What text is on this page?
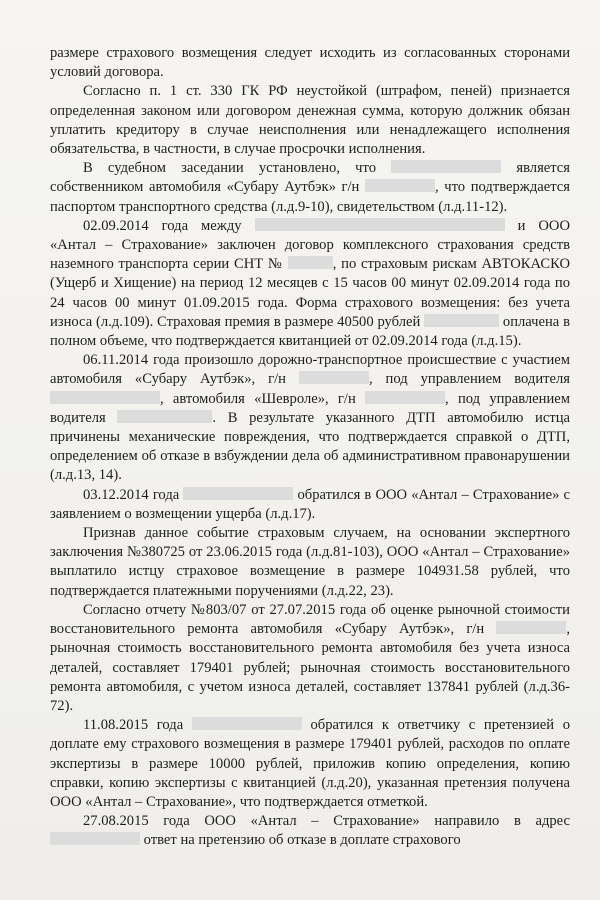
размере страхового возмещения следует исходить из согласованных сторонами условий договора.

Согласно п. 1 ст. 330 ГК РФ неустойкой (штрафом, пеней) признается определенная законом или договором денежная сумма, которую должник обязан уплатить кредитору в случае неисполнения или ненадлежащего исполнения обязательства, в частности, в случае просрочки исполнения.

В судебном заседании установлено, что	является собственником автомобиля «Субару Аутбэк» г/н	, что подтверждается паспортом транспортного средства (л.д.9-10), свидетельством (л.д.11-12).

02.09.2014 года между	и ООО «Антал – Страхование» заключен договор комплексного страхования средств наземного транспорта серии СНТ №	, по страховым рискам АВТОКАСКО (Ущерб и Хищение) на период 12 месяцев с 15 часов 00 минут 02.09.2014 года по 24 часов 00 минут 01.09.2015 года. Форма страхового возмещения: без учета износа (л.д.109). Страховая премия в размере 40500 рублей	оплачена в полном объеме, что подтверждается квитанцией от 02.09.2014 года (л.д.15).

06.11.2014 года произошло дорожно-транспортное происшествие с участием автомобиля «Субару Аутбэк», г/н	, под управлением водителя , автомобиля «Шевроле», г/н	, под управлением водителя	. В результате указанного ДТП автомобилю истца причинены механические повреждения, что подтверждается справкой о ДТП, определением об отказе в взбуждении дела об административном правонарушении (л.д.13, 14).

03.12.2014 года	обратился в ООО «Антал – Страхование» с заявлением о возмещении ущерба (л.д.17).

Признав данное событие страховым случаем, на основании экспертного заключения №380725 от 23.06.2015 года (л.д.81-103), ООО «Антал – Страхование» выплатило истцу страховое возмещение в размере 104931.58 рублей, что подтверждается платежными поручениями (л.д.22, 23).

Согласно отчету №803/07 от 27.07.2015 года об оценке рыночной стоимости восстановительного ремонта автомобиля «Субару Аутбэк», г/н	, рыночная стоимость восстановительного ремонта автомобиля без учета износа деталей, составляет 179401 рублей; рыночная стоимость восстановительного ремонта автомобиля, с учетом износа деталей, составляет 137841 рублей (л.д.36-72).

11.08.2015 года	обратился к ответчику с претензией о доплате ему страхового возмещения в размере 179401 рублей, расходов по оплате экспертизы в размере 10000 рублей, приложив копию определения, копию справки, копию экспертизы с квитанцией (л.д.20), указанная претензия получена ООО «Антал – Страхование», что подтверждается отметкой.

27.08.2015 года ООО «Антал – Страхование» направило в адрес  ответ на претензию об отказе в доплате страхового
